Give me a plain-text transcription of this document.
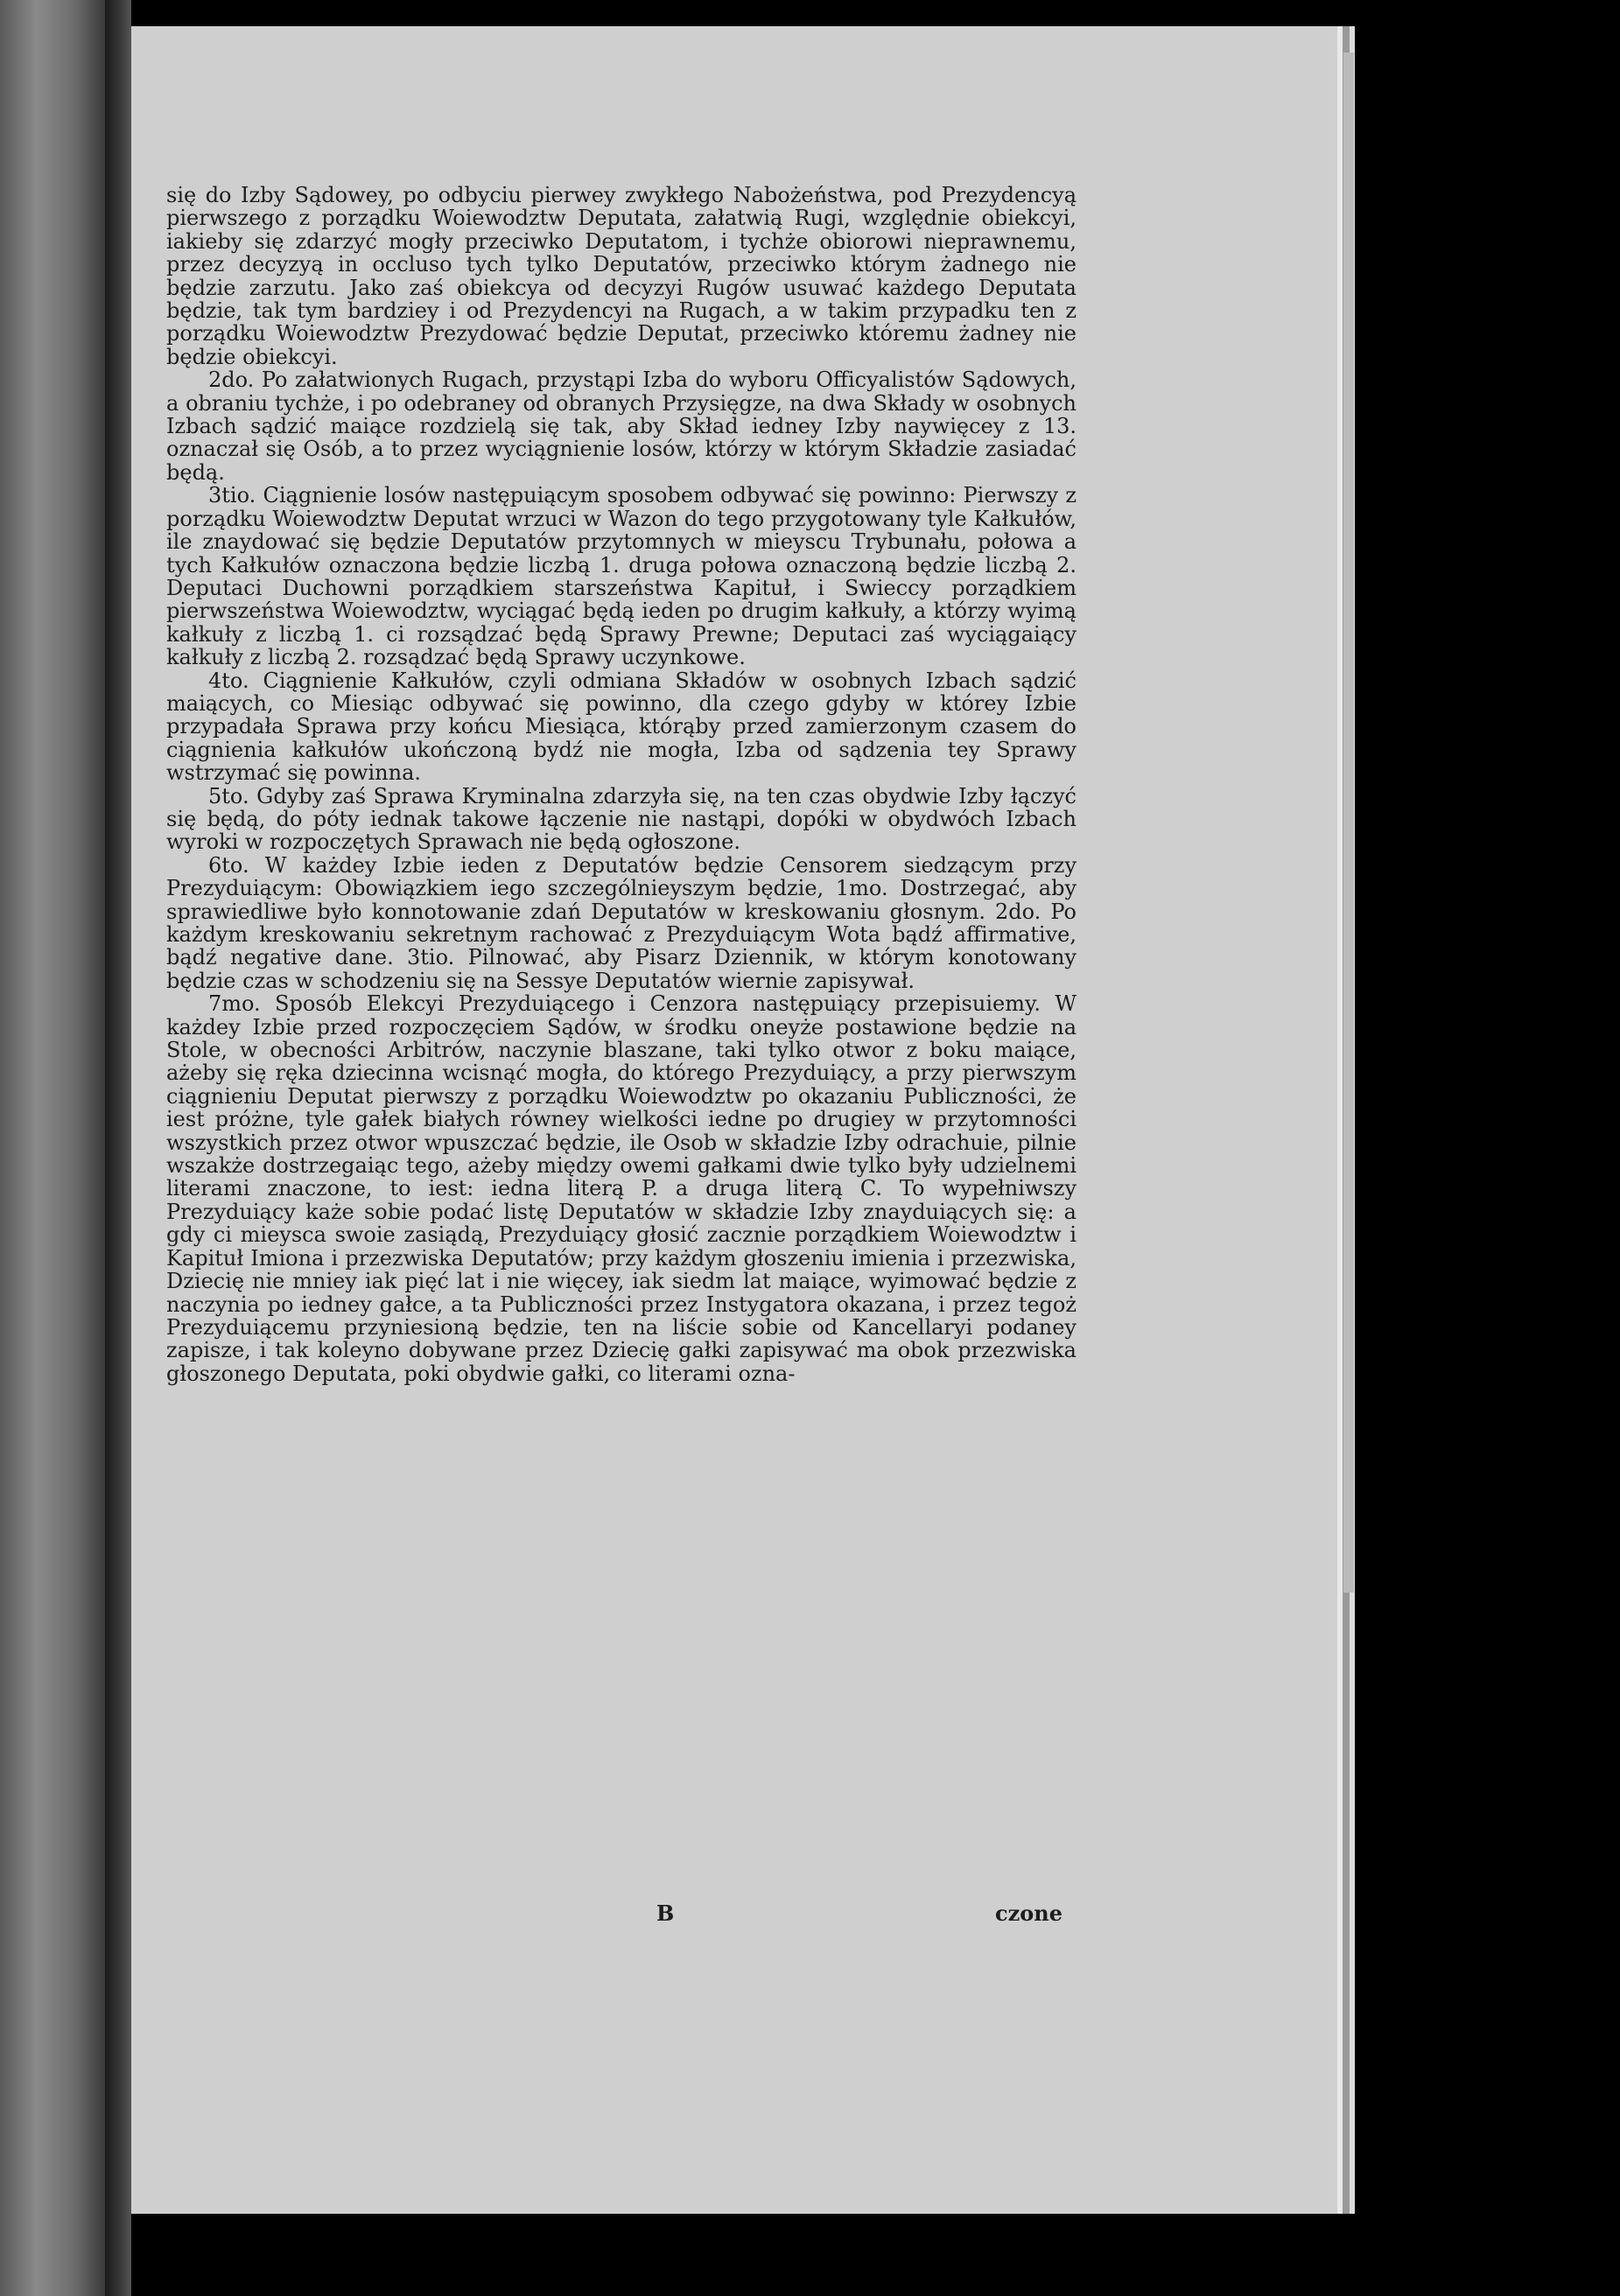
się do Izby Sądowey, po odbyciu pierwey zwykłego Nabożeństwa, pod Prezydencyą pierwszego z porządku Woiewodztw Deputata, załatwią Rugi, względnie obiekcyi, iakieby się zdarzyć mogły przeciwko Deputatom, i tychże obiorowi nieprawnemu, przez decyzyą in occluso tych tylko Deputatów, przeciwko którym żadnego nie będzie zarzutu. Jako zaś obiekcya od decyzyi Rugów usuwać każdego Deputata będzie, tak tym bardziey i od Prezydencyi na Rugach, a w takim przypadku ten z porządku Woiewodztw Prezydować będzie Deputat, przeciwko któremu żadney nie będzie obiekcyi.

2do. Po załatwionych Rugach, przystąpi Izba do wyboru Officyalistów Sądowych, a obraniu tychże, i po odebraney od obranych Przysięgze, na dwa Składy w osobnych Izbach sądzić maiące rozdzielą się tak, aby Skład iedney Izby naywięcey z 13. oznaczał się Osób, a to przez wyciągnienie losów, którzy w którym Składzie zasiadać będą.

3tio. Ciągnienie losów następuiącym sposobem odbywać się powinno: Pierwszy z porządku Woiewodztw Deputat wrzuci w Wazon do tego przygotowany tyle Kałkułów, ile znaydować się będzie Deputatów przytomnych w mieyscu Trybunału, połowa a tych Kałkułów oznaczona będzie liczbą 1. druga połowa oznaczoną będzie liczbą 2. Deputaci Duchowni porządkiem starszeństwa Kapituł, i Swieccy porządkiem pierwszeństwa Woiewodztw, wyciągać będą ieden po drugim kałkuły, a którzy wyimą kałkuły z liczbą 1. ci rozsądzać będą Sprawy Prewne; Deputaci zaś wyciągaiący kałkuły z liczbą 2. rozsądzać będą Sprawy uczynkowe.

4to. Ciągnienie Kałkułów, czyli odmiana Składów w osobnych Izbach sądzić maiących, co Miesiąc odbywać się powinno, dla czego gdyby w którey Izbie przypadała Sprawa przy końcu Miesiąca, którąby przed zamierzonym czasem do ciągnienia kałkułów ukończoną bydź nie mogła, Izba od sądzenia tey Sprawy wstrzymać się powinna.

5to. Gdyby zaś Sprawa Kryminalna zdarzyła się, na ten czas obydwie Izby łączyć się będą, do póty iednak takowe łączenie nie nastąpi, dopóki w obydwóch Izbach wyroki w rozpoczętych Sprawach nie będą ogłoszone.

6to. W każdey Izbie ieden z Deputatów będzie Censorem siedzącym przy Prezyduiącym: Obowiązkiem iego szczególnieyszym będzie, 1mo. Dostrzegać, aby sprawiedliwe było konnotowanie zdań Deputatów w kreskowaniu głosnym. 2do. Po każdym kreskowaniu sekretnym rachować z Prezyduiącym Wota bądź affirmative, bądź negative dane. 3tio. Pilnować, aby Pisarz Dziennik, w którym konotowany będzie czas w schodzeniu się na Sessye Deputatów wiernie zapisywał.

7mo. Sposób Elekcyi Prezyduiącego i Cenzora następuiący przepisuiemy. W każdey Izbie przed rozpoczęciem Sądów, w środku oneyże postawione będzie na Stole, w obecności Arbitrów, naczynie blaszane, taki tylko otwor z boku maiące, ażeby się ręka dziecinna wcisnąć mogła, do którego Prezyduiący, a przy pierwszym ciągnieniu Deputat pierwszy z porządku Woiewodztw po okazaniu Publiczności, że iest próżne, tyle gałek białych równey wielkości iedne po drugiey w przytomności wszystkich przez otwor wpuszczać będzie, ile Osob w składzie Izby odrachuie, pilnie wszakże dostrzegaiąc tego, ażeby między owemi gałkami dwie tylko były udzielnemi literami znaczone, to iest: iedna literą P. a druga literą C. To wypełniwszy Prezyduiący każe sobie podać listę Deputatów w składzie Izby znayduiących się: a gdy ci mieysca swoie zasiądą, Prezyduiący głosić zacznie porządkiem Woiewodztw i Kapituł Imiona i przezwiska Deputatów; przy każdym głoszeniu imienia i przezwiska, Dziecię nie mniey iak pięć lat i nie więcey, iak siedm lat maiące, wyimować będzie z naczynia po iedney gałce, a ta Publiczności przez Instygatora okazana, i przez tegoż Prezyduiącemu przyniesioną będzie, ten na liście sobie od Kancellaryi podaney zapisze, i tak koleyno dobywane przez Dziecię gałki zapisywać ma obok przezwiska głoszonego Deputata, poki obydwie gałki, co literami ozna-

B	czone
